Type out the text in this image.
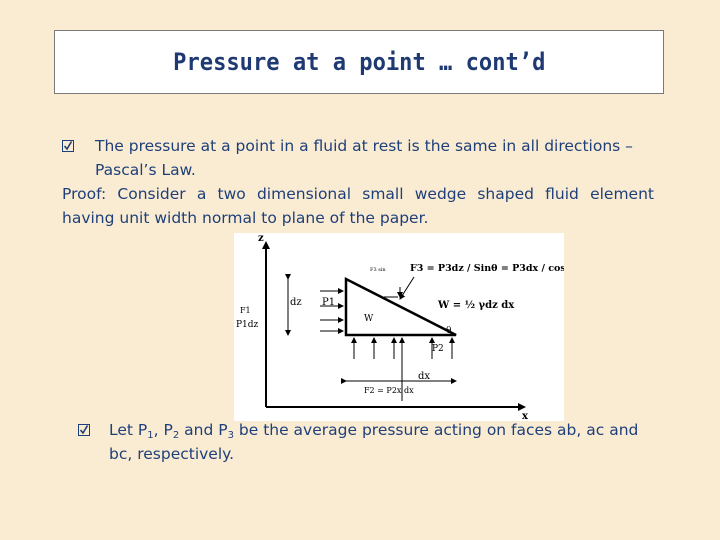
Pressure at a point … cont’d
The pressure at a point in a fluid at rest is the same in all directions –
Pascal’s Law.
Proof: Consider a two dimensional small wedge shaped fluid element
having unit width normal to plane of the paper.
z
x
dz
F1
P1dz
P1
W
F3 sin	F3 = P3dz / Sinθ = P3dx / cosθ
W = ½ γdz dx
θ
P2
dx
F2 = P2x dx
Let $P_1$, $P_2$ and $P_3$ be the average pressure acting on faces ab, ac and
bc, respectively.
